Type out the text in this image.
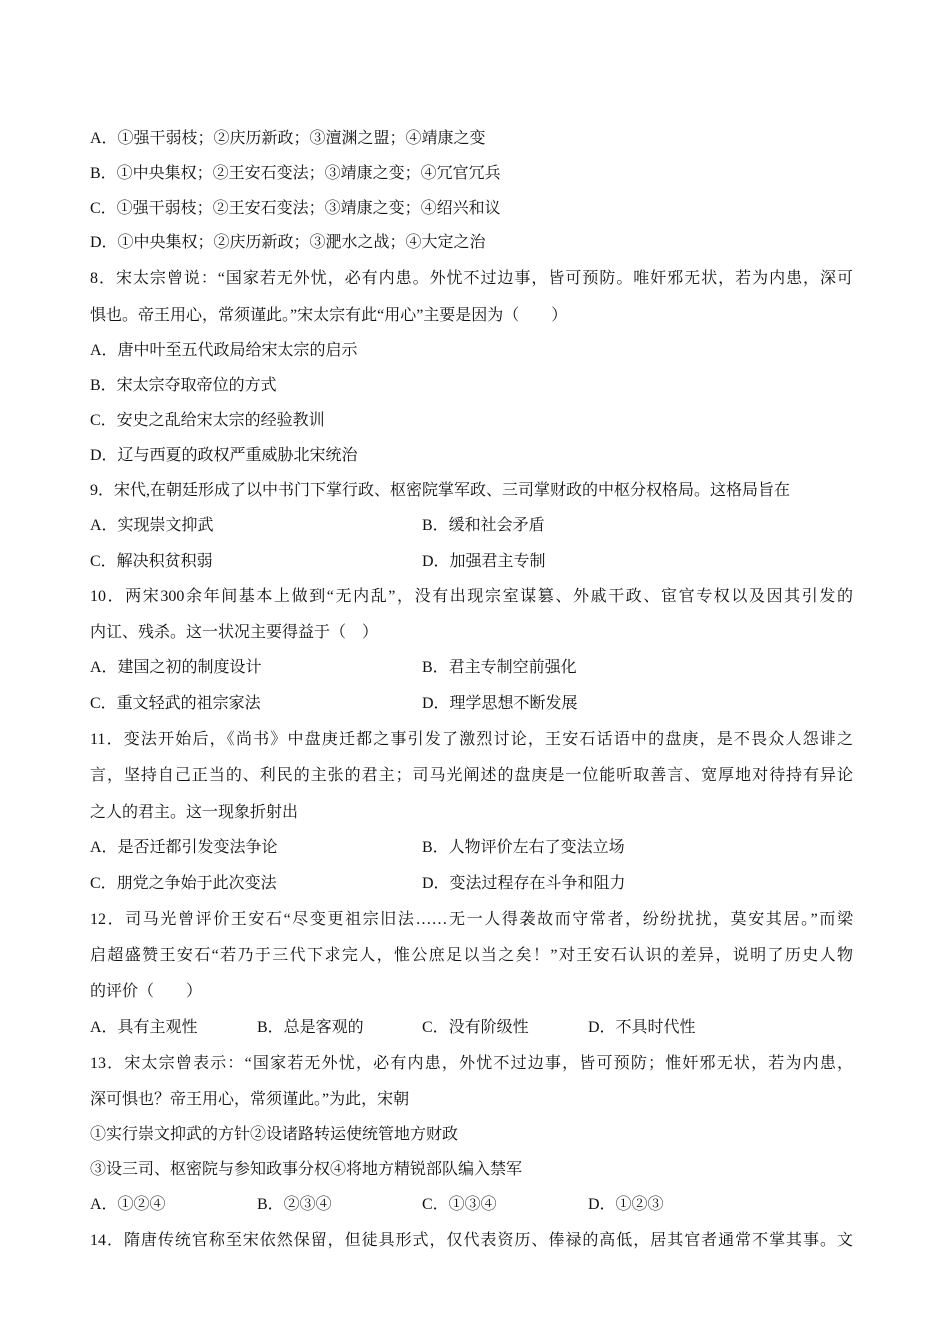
A．①强干弱枝；②庆历新政；③澶渊之盟；④靖康之变
B．①中央集权；②王安石变法；③靖康之变；④冗官冗兵
C．①强干弱枝；②王安石变法；③靖康之变；④绍兴和议
D．①中央集权；②庆历新政；③淝水之战；④大定之治
8．宋太宗曾说：“国家若无外忧，必有内患。外忧不过边事，皆可预防。唯奸邪无状，若为内患，深可
惧也。帝王用心，常须谨此。”宋太宗有此“用心”主要是因为（　　）
A．唐中叶至五代政局给宋太宗的启示
B．宋太宗夺取帝位的方式
C．安史之乱给宋太宗的经验教训
D．辽与西夏的政权严重威胁北宋统治
9．宋代,在朝廷形成了以中书门下掌行政、枢密院掌军政、三司掌财政的中枢分权格局。这格局旨在
A．实现崇文抑武	B．缓和社会矛盾
C．解决积贫积弱	D．加强君主专制
10．两宋300余年间基本上做到“无内乱”，没有出现宗室谋篡、外戚干政、宦官专权以及因其引发的
内讧、残杀。这一状况主要得益于（　）
A．建国之初的制度设计	B．君主专制空前强化
C．重文轻武的祖宗家法	D．理学思想不断发展
11．变法开始后，《尚书》中盘庚迁都之事引发了激烈讨论，王安石话语中的盘庚，是不畏众人怨诽之
言，坚持自己正当的、利民的主张的君主；司马光阐述的盘庚是一位能听取善言、宽厚地对待持有异论
之人的君主。这一现象折射出
A．是否迁都引发变法争论	B．人物评价左右了变法立场
C．朋党之争始于此次变法	D．变法过程存在斗争和阻力
12．司马光曾评价王安石“尽变更祖宗旧法……无一人得袭故而守常者，纷纷扰扰，莫安其居。”而梁
启超盛赞王安石“若乃于三代下求完人，惟公庶足以当之矣！”对王安石认识的差异，说明了历史人物
的评价（　　）
A．具有主观性	B．总是客观的	C．没有阶级性	D．不具时代性
13．宋太宗曾表示：“国家若无外忧，必有内患，外忧不过边事，皆可预防；惟奸邪无状，若为内患，
深可惧也？帝王用心，常须谨此。”为此，宋朝
①实行崇文抑武的方针②设诸路转运使统管地方财政
③设三司、枢密院与参知政事分权④将地方精锐部队编入禁军
A．①②④	B．②③④	C．①③④	D．①②③
14．隋唐传统官称至宋依然保留，但徒具形式，仅代表资历、俸禄的高低，居其官者通常不掌其事。文
